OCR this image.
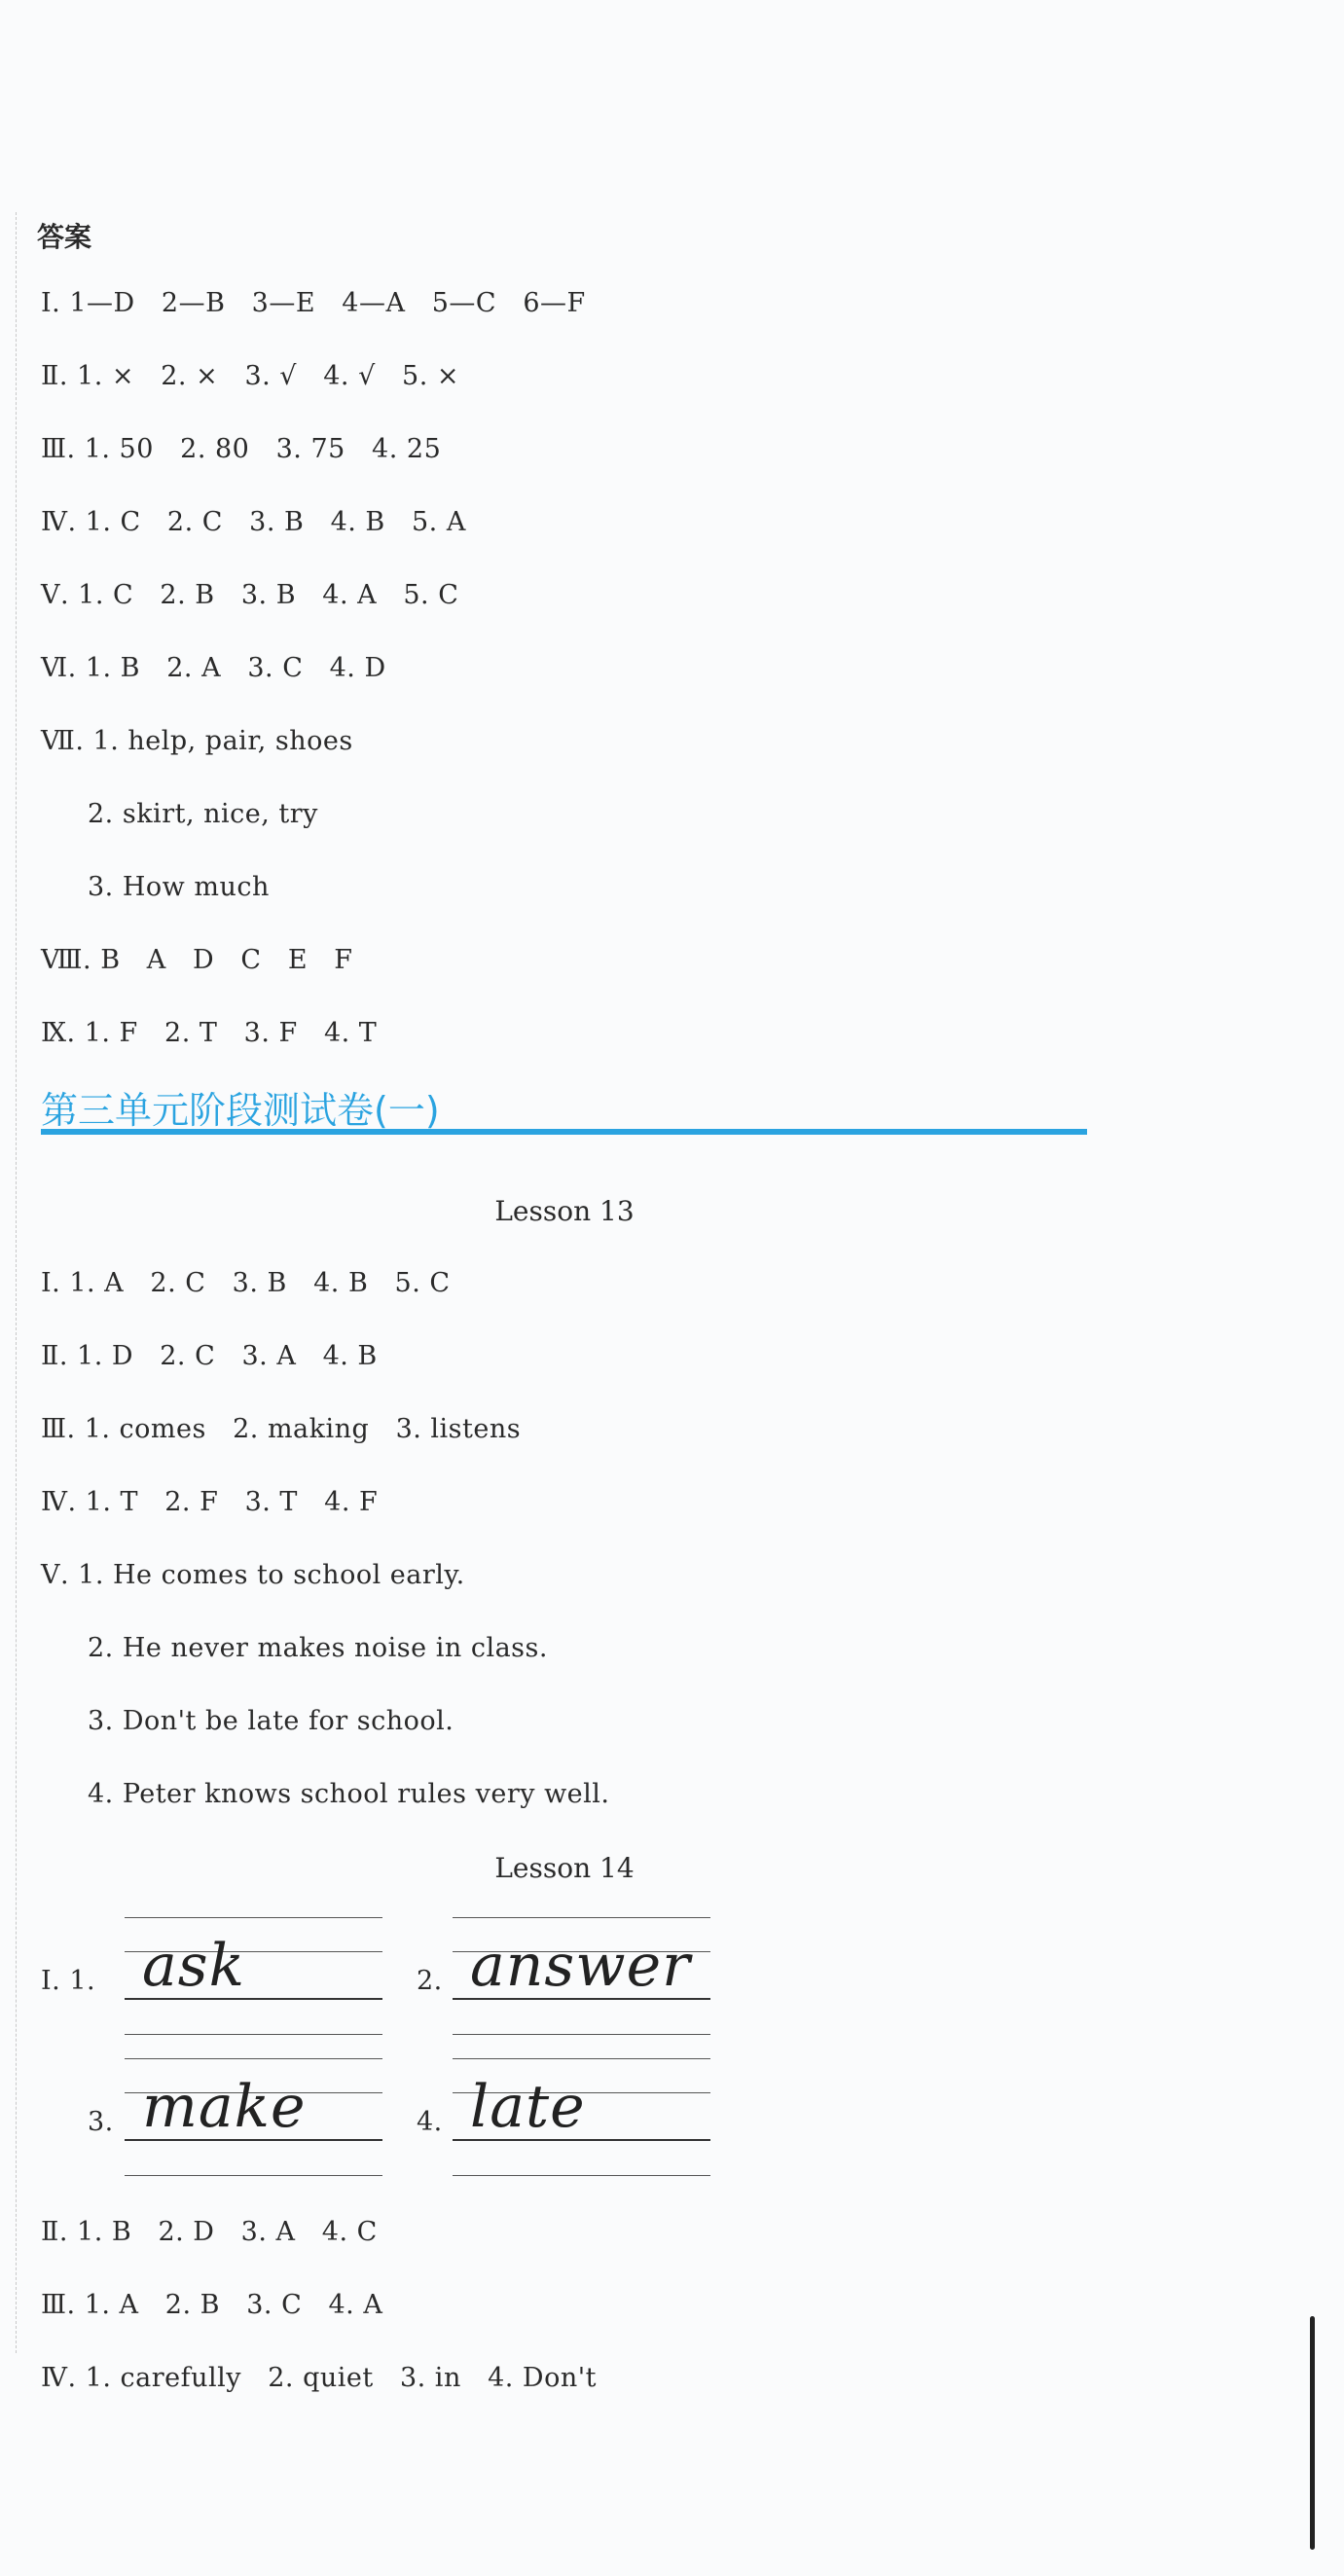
答案
Ⅰ. 1—D   2—B   3—E   4—A   5—C   6—F
Ⅱ. 1. ×   2. ×   3. √   4. √   5. ×
Ⅲ. 1. 50   2. 80   3. 75   4. 25
Ⅳ. 1. C   2. C   3. B   4. B   5. A
Ⅴ. 1. C   2. B   3. B   4. A   5. C
Ⅵ. 1. B   2. A   3. C   4. D
Ⅶ. 1. help, pair, shoes
2. skirt, nice, try
3. How much
Ⅷ. B   A   D   C   E   F
Ⅸ. 1. F   2. T   3. F   4. T
第三单元阶段测试卷(一)
Lesson 13
Ⅰ. 1. A   2. C   3. B   4. B   5. C
Ⅱ. 1. D   2. C   3. A   4. B
Ⅲ. 1. comes   2. making   3. listens
Ⅳ. 1. T   2. F   3. T   4. F
Ⅴ. 1. He comes to school early.
2. He never makes noise in class.
3. Don't be late for school.
4. Peter knows school rules very well.
Lesson 14
Ⅰ. 1. ask	2. answer
3. make	4. late
Ⅱ. 1. B   2. D   3. A   4. C
Ⅲ. 1. A   2. B   3. C   4. A
Ⅳ. 1. carefully   2. quiet   3. in   4. Don't
